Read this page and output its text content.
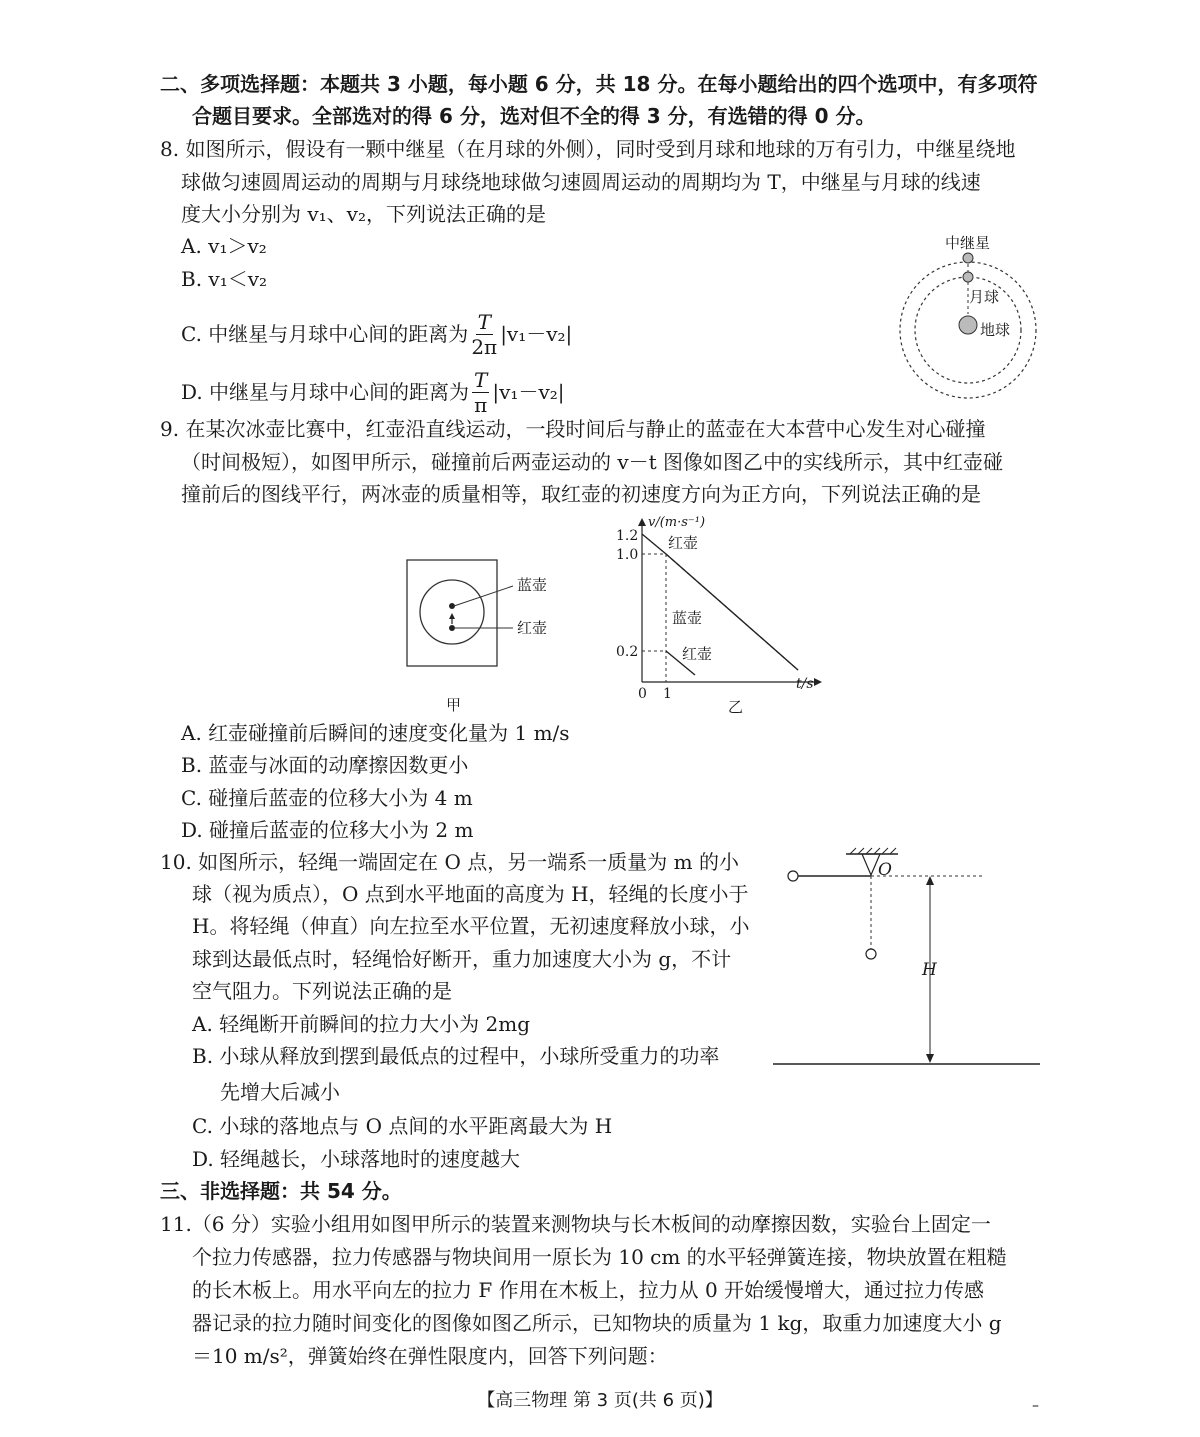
二、多项选择题：本题共 3 小题，每小题 6 分，共 18 分。在每小题给出的四个选项中，有多项符
合题目要求。全部选对的得 6 分，选对但不全的得 3 分，有选错的得 0 分。
8. 如图所示，假设有一颗中继星（在月球的外侧），同时受到月球和地球的万有引力，中继星绕地
球做匀速圆周运动的周期与月球绕地球做匀速圆周运动的周期均为 T，中继星与月球的线速
度大小分别为 v₁、v₂，下列说法正确的是
A. v₁＞v₂
B. v₁＜v₂
C. 中继星与月球中心间的距离为 $\frac{T}{2\pi} |v_1-v_2|$
D. 中继星与月球中心间的距离为 $\frac{T}{\pi} |v_1-v_2|$
中继星
月球
地球
9. 在某次冰壶比赛中，红壶沿直线运动，一段时间后与静止的蓝壶在大本营中心发生对心碰撞
（时间极短），如图甲所示，碰撞前后两壶运动的 v－t 图像如图乙中的实线所示，其中红壶碰
撞前后的图线平行，两冰壶的质量相等，取红壶的初速度方向为正方向，下列说法正确的是
蓝壶
红壶
甲
1.2
1.0
0.2
0 1
v/(m·s⁻¹)
t/s
红壶
蓝壶
红壶
乙
A. 红壶碰撞前后瞬间的速度变化量为 1 m/s
B. 蓝壶与冰面的动摩擦因数更小
C. 碰撞后蓝壶的位移大小为 4 m
D. 碰撞后蓝壶的位移大小为 2 m
10. 如图所示，轻绳一端固定在 O 点，另一端系一质量为 m 的小
球（视为质点），O 点到水平地面的高度为 H，轻绳的长度小于
H。将轻绳（伸直）向左拉至水平位置，无初速度释放小球，小
球到达最低点时，轻绳恰好断开，重力加速度大小为 g，不计
空气阻力。下列说法正确的是
A. 轻绳断开前瞬间的拉力大小为 2mg
B. 小球从释放到摆到最低点的过程中，小球所受重力的功率
先增大后减小
C. 小球的落地点与 O 点间的水平距离最大为 H
D. 轻绳越长，小球落地时的速度越大
O
H
三、非选择题：共 54 分。
11.（6 分）实验小组用如图甲所示的装置来测物块与长木板间的动摩擦因数，实验台上固定一
个拉力传感器，拉力传感器与物块间用一原长为 10 cm 的水平轻弹簧连接，物块放置在粗糙
的长木板上。用水平向左的拉力 F 作用在木板上，拉力从 0 开始缓慢增大，通过拉力传感
器记录的拉力随时间变化的图像如图乙所示，已知物块的质量为 1 kg，取重力加速度大小 g
＝10 m/s²，弹簧始终在弹性限度内，回答下列问题：
【高三物理 第 3 页(共 6 页)】	–
